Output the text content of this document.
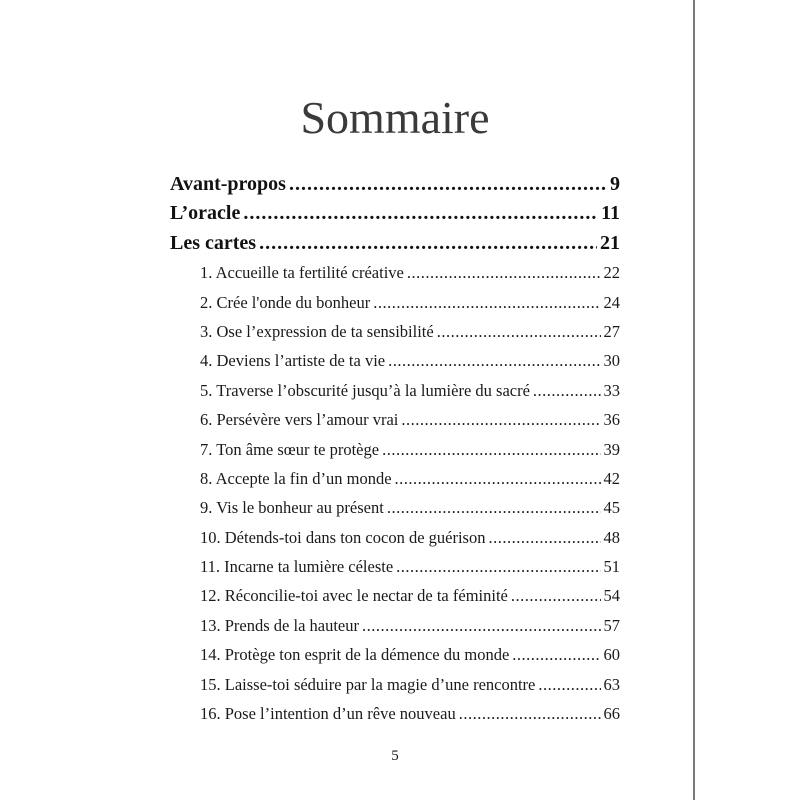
Sommaire
Avant-propos .....	9
L’oracle .....	11
Les cartes .....	21
1. Accueille ta fertilité créative .....	22
2. Crée l'onde du bonheur .....	24
3. Ose l’expression de ta sensibilité .....	27
4. Deviens l’artiste de ta vie .....	30
5. Traverse l’obscurité jusqu’à la lumière du sacré .....	33
6. Persévère vers l’amour vrai .....	36
7. Ton âme sœur te protège .....	39
8. Accepte la fin d’un monde .....	42
9. Vis le bonheur au présent .....	45
10. Détends-toi dans ton cocon de guérison .....	48
11. Incarne ta lumière céleste .....	51
12. Réconcilie-toi avec le nectar de ta féminité .....	54
13. Prends de la hauteur .....	57
14. Protège ton esprit de la démence du monde .....	60
15. Laisse-toi séduire par la magie d’une rencontre .....	63
16. Pose l’intention d’un rêve nouveau .....	66
5
